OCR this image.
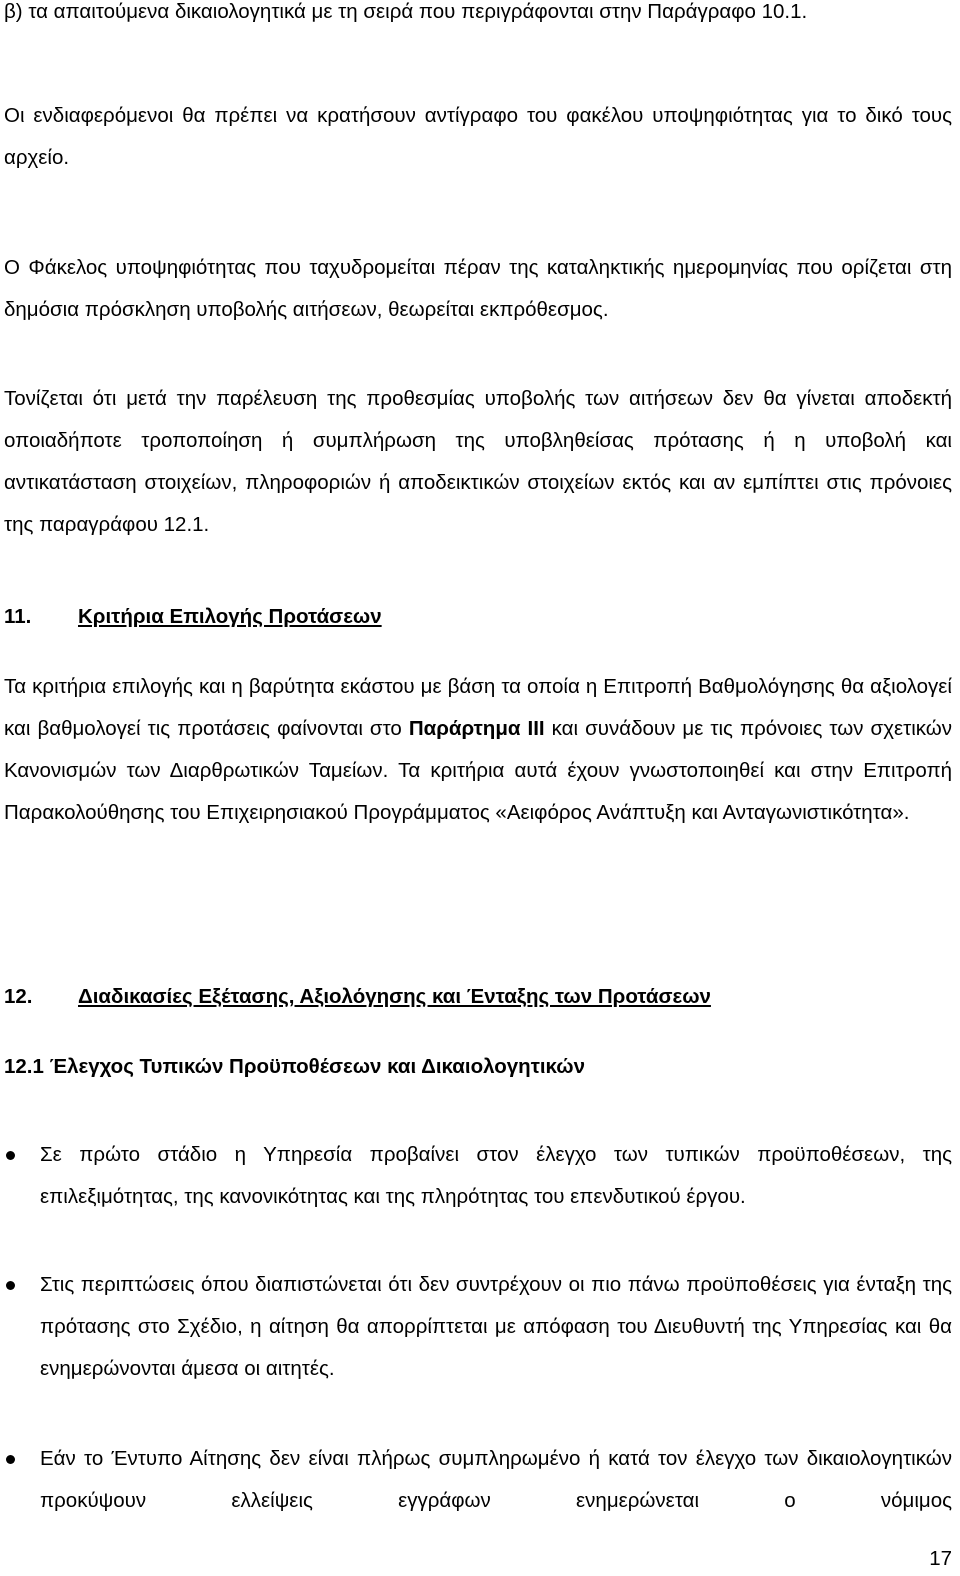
β) τα απαιτούμενα δικαιολογητικά με τη σειρά που περιγράφονται στην Παράγραφο 10.1.

Οι ενδιαφερόμενοι θα πρέπει να κρατήσουν αντίγραφο του φακέλου υποψηφιότητας για το δικό τους αρχείο.

Ο Φάκελος υποψηφιότητας που ταχυδρομείται πέραν της καταληκτικής ημερομηνίας που ορίζεται στη δημόσια πρόσκληση υποβολής αιτήσεων, θεωρείται εκπρόθεσμος.

Τονίζεται ότι μετά την παρέλευση της προθεσμίας υποβολής των αιτήσεων δεν θα γίνεται αποδεκτή οποιαδήποτε τροποποίηση ή συμπλήρωση της υποβληθείσας πρότασης ή η υποβολή και αντικατάσταση στοιχείων, πληροφοριών ή αποδεικτικών στοιχείων εκτός και αν εμπίπτει στις πρόνοιες της παραγράφου 12.1.

11. Κριτήρια Επιλογής Προτάσεων

Τα κριτήρια επιλογής και η βαρύτητα εκάστου με βάση τα οποία η Επιτροπή Βαθμολόγησης θα αξιολογεί και βαθμολογεί τις προτάσεις φαίνονται στο Παράρτημα ΙΙΙ και συνάδουν με τις πρόνοιες των σχετικών Κανονισμών των Διαρθρωτικών Ταμείων. Τα κριτήρια αυτά έχουν γνωστοποιηθεί και στην Επιτροπή Παρακολούθησης του Επιχειρησιακού Προγράμματος «Αειφόρος Ανάπτυξη και Ανταγωνιστικότητα».

12. Διαδικασίες Εξέτασης, Αξιολόγησης και Ένταξης των Προτάσεων
12.1 Έλεγχος Τυπικών Προϋποθέσεων και Δικαιολογητικών
Σε πρώτο στάδιο η Υπηρεσία προβαίνει στον έλεγχο των τυπικών προϋποθέσεων, της επιλεξιμότητας, της κανονικότητας και της πληρότητας του επενδυτικού έργου.
Στις περιπτώσεις όπου διαπιστώνεται ότι δεν συντρέχουν οι πιο πάνω προϋποθέσεις για ένταξη της πρότασης στο Σχέδιο, η αίτηση θα απορρίπτεται με απόφαση του Διευθυντή της Υπηρεσίας και θα ενημερώνονται άμεσα οι αιτητές.
Εάν το Έντυπο Αίτησης δεν είναι πλήρως συμπληρωμένο ή κατά τον έλεγχο των δικαιολογητικών προκύψουν ελλείψεις εγγράφων ενημερώνεται ο νόμιμος
17
